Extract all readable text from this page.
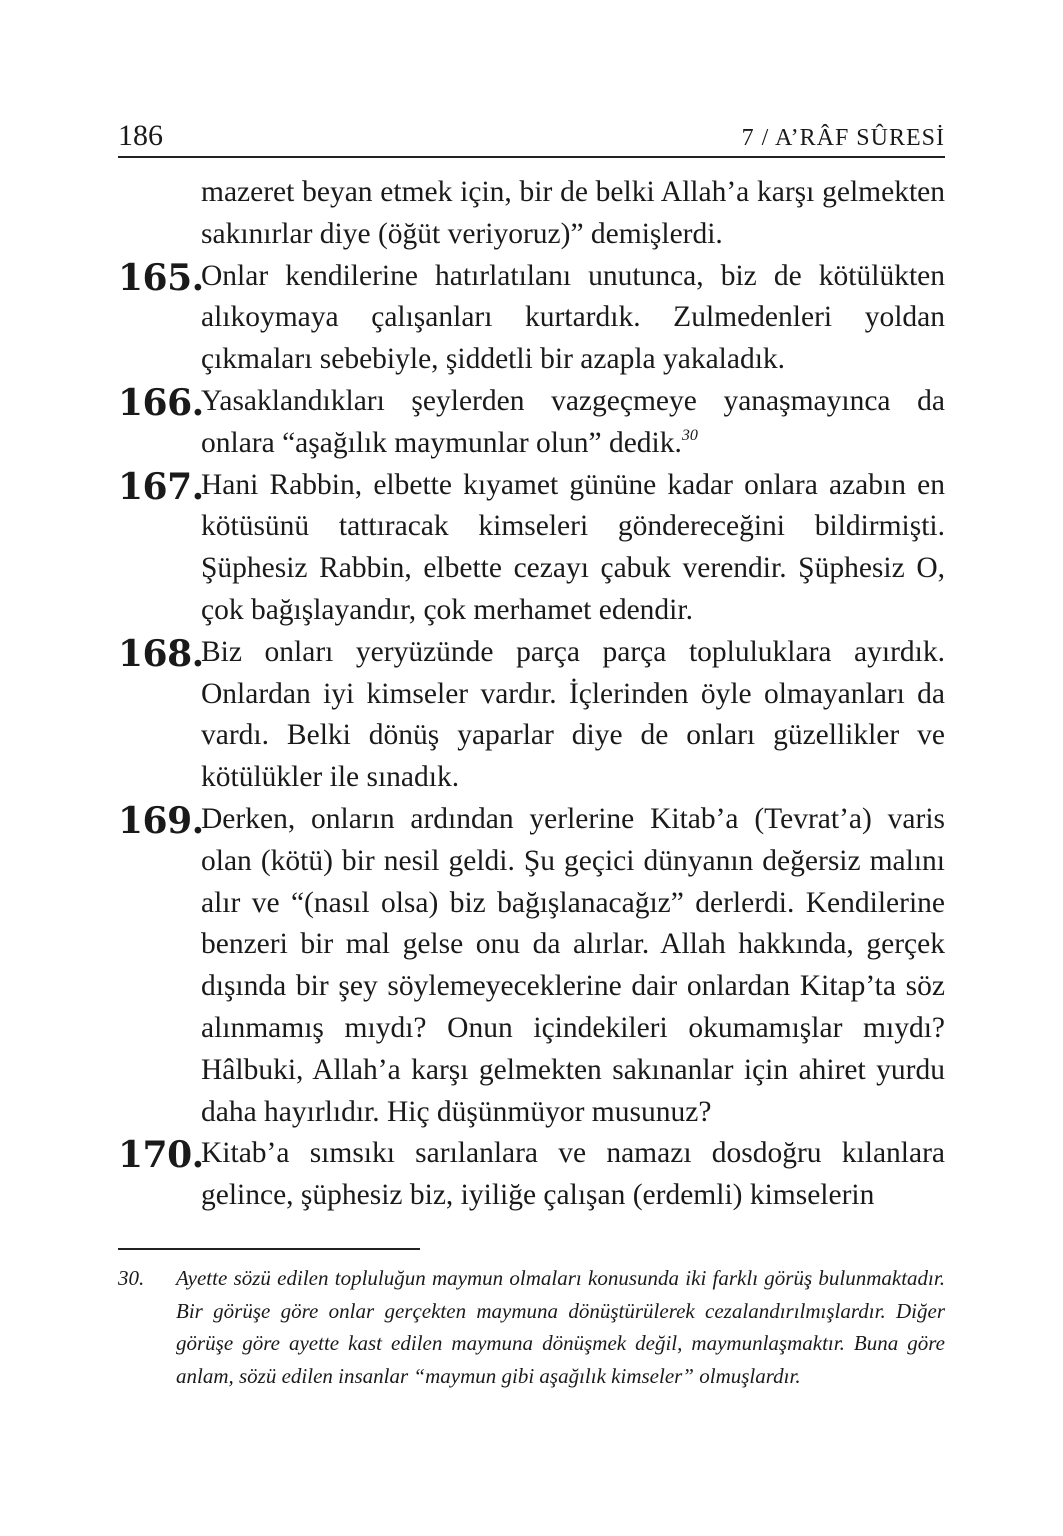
186	7 / A’RÂF SÛRESİ
mazeret beyan etmek için, bir de belki Allah’a karşı gelmekten sakınırlar diye (öğüt veriyoruz)” demişlerdi.
165.
Onlar kendilerine hatırlatılanı unutunca, biz de kötülükten alıkoymaya çalışanları kurtardık. Zulmedenleri yoldan çıkmaları sebebiyle, şiddetli bir azapla yakaladık.
166.
Yasaklandıkları şeylerden vazgeçmeye yanaşmayınca da onlara “aşağılık maymunlar olun” dedik.$^{30}$
167.
Hani Rabbin, elbette kıyamet gününe kadar onlara azabın en kötüsünü tattıracak kimseleri göndereceğini bildirmişti. Şüphesiz Rabbin, elbette cezayı çabuk verendir. Şüphesiz O, çok bağışlayandır, çok merhamet edendir.
168.
Biz onları yeryüzünde parça parça topluluklara ayırdık. Onlardan iyi kimseler vardır. İçlerinden öyle olmayanları da vardı. Belki dönüş yaparlar diye de onları güzellikler ve kötülükler ile sınadık.
169.
Derken, onların ardından yerlerine Kitab’a (Tevrat’a) varis olan (kötü) bir nesil geldi. Şu geçici dünyanın değersiz malını alır ve “(nasıl olsa) biz bağışlanacağız” derlerdi. Kendilerine benzeri bir mal gelse onu da alırlar. Allah hakkında, gerçek dışında bir şey söylemeyeceklerine dair onlardan Kitap’ta söz alınmamış mıydı? Onun içindekileri okumamışlar mıydı? Hâlbuki, Allah’a karşı gelmekten sakınanlar için ahiret yurdu daha hayırlıdır. Hiç düşünmüyor musunuz?
170.
Kitab’a sımsıkı sarılanlara ve namazı dosdoğru kılanlara gelince, şüphesiz biz, iyiliğe çalışan (erdemli) kimselerin
30. Ayette sözü edilen topluluğun maymun olmaları konusunda iki farklı görüş bulunmaktadır. Bir görüşe göre onlar gerçekten maymuna dönüştürülerek cezalandırılmışlardır. Diğer görüşe göre ayette kast edilen maymuna dönüşmek değil, maymunlaşmaktır. Buna göre anlam, sözü edilen insanlar “maymun gibi aşağılık kimseler” olmuşlardır.
